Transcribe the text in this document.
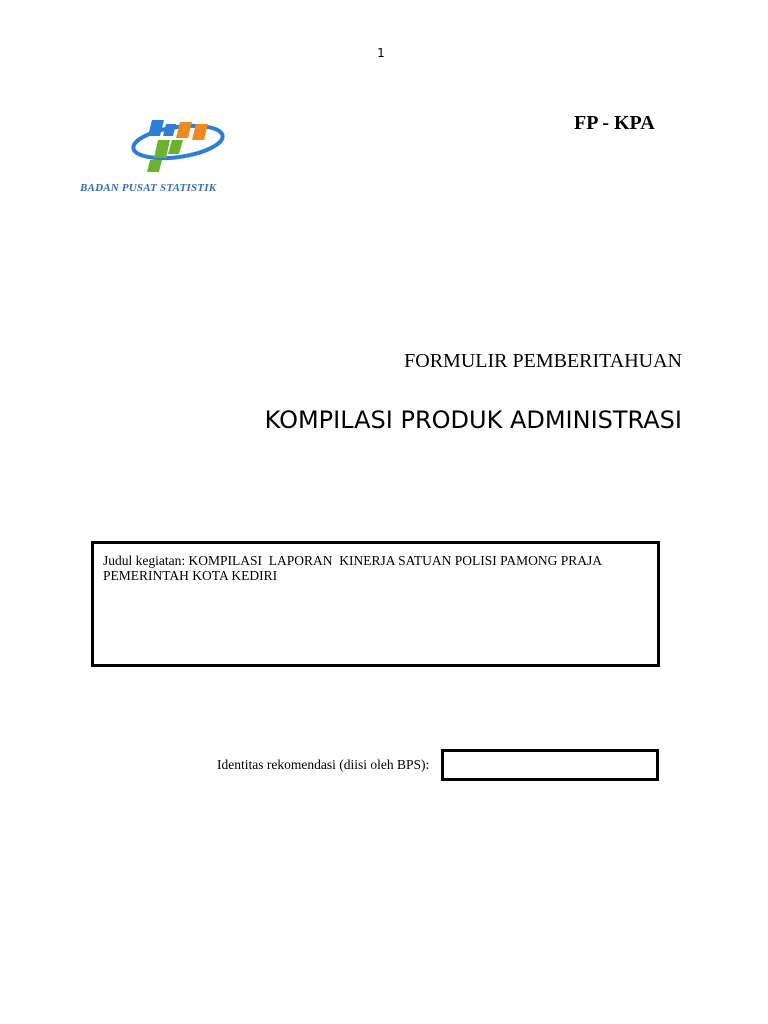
1
BADAN PUSAT STATISTIK
FP - KPA
FORMULIR PEMBERITAHUAN
KOMPILASI PRODUK ADMINISTRASI
Judul kegiatan: KOMPILASI  LAPORAN  KINERJA SATUAN POLISI PAMONG PRAJA
PEMERINTAH KOTA KEDIRI
Identitas rekomendasi (diisi oleh BPS):
